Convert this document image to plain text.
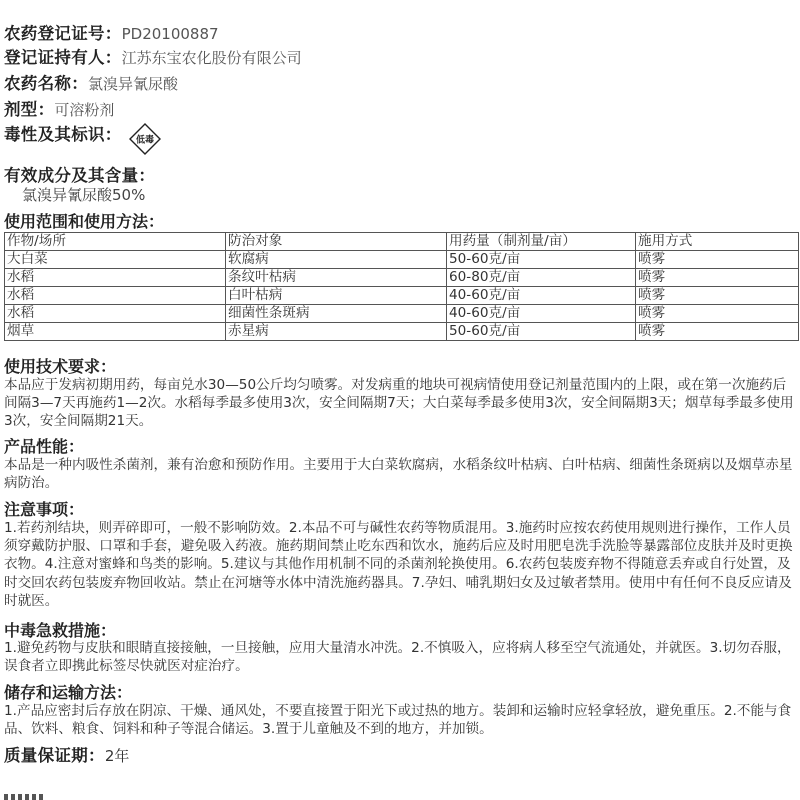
农药登记证号：PD20100887
登记证持有人：江苏东宝农化股份有限公司
农药名称：氯溴异氰尿酸
剂型：可溶粉剂
毒性及其标识： 低毒
有效成分及其含量：
氯溴异氰尿酸50%
使用范围和使用方法：
作物/场所	防治对象	用药量（制剂量/亩）	施用方式
大白菜	软腐病	50-60克/亩	喷雾
水稻	条纹叶枯病	60-80克/亩	喷雾
水稻	白叶枯病	40-60克/亩	喷雾
水稻	细菌性条斑病	40-60克/亩	喷雾
烟草	赤星病	50-60克/亩	喷雾
使用技术要求：

本品应于发病初期用药，每亩兑水30—50公斤均匀喷雾。对发病重的地块可视病情使用登记剂量范围内的上限，或在第一次施药后间隔3—7天再施药1—2次。水稻每季最多使用3次，安全间隔期7天；大白菜每季最多使用3次，安全间隔期3天；烟草每季最多使用3次，安全间隔期21天。

产品性能：

本品是一种内吸性杀菌剂，兼有治愈和预防作用。主要用于大白菜软腐病，水稻条纹叶枯病、白叶枯病、细菌性条斑病以及烟草赤星病防治。

注意事项：

1.若药剂结块，则弄碎即可，一般不影响防效。2.本品不可与碱性农药等物质混用。3.施药时应按农药使用规则进行操作，工作人员须穿戴防护服、口罩和手套，避免吸入药液。施药期间禁止吃东西和饮水，施药后应及时用肥皂洗手洗脸等暴露部位皮肤并及时更换衣物。4.注意对蜜蜂和鸟类的影响。5.建议与其他作用机制不同的杀菌剂轮换使用。6.农药包装废弃物不得随意丢弃或自行处置，及时交回农药包装废弃物回收站。禁止在河塘等水体中清洗施药器具。7.孕妇、哺乳期妇女及过敏者禁用。使用中有任何不良反应请及时就医。

中毒急救措施：

1.避免药物与皮肤和眼睛直接接触，一旦接触，应用大量清水冲洗。2.不慎吸入，应将病人移至空气流通处，并就医。3.切勿吞服，误食者立即携此标签尽快就医对症治疗。

储存和运输方法：

1.产品应密封后存放在阴凉、干燥、通风处，不要直接置于阳光下或过热的地方。装卸和运输时应轻拿轻放，避免重压。2.不能与食品、饮料、粮食、饲料和种子等混合储运。3.置于儿童触及不到的地方，并加锁。

质量保证期：2年
